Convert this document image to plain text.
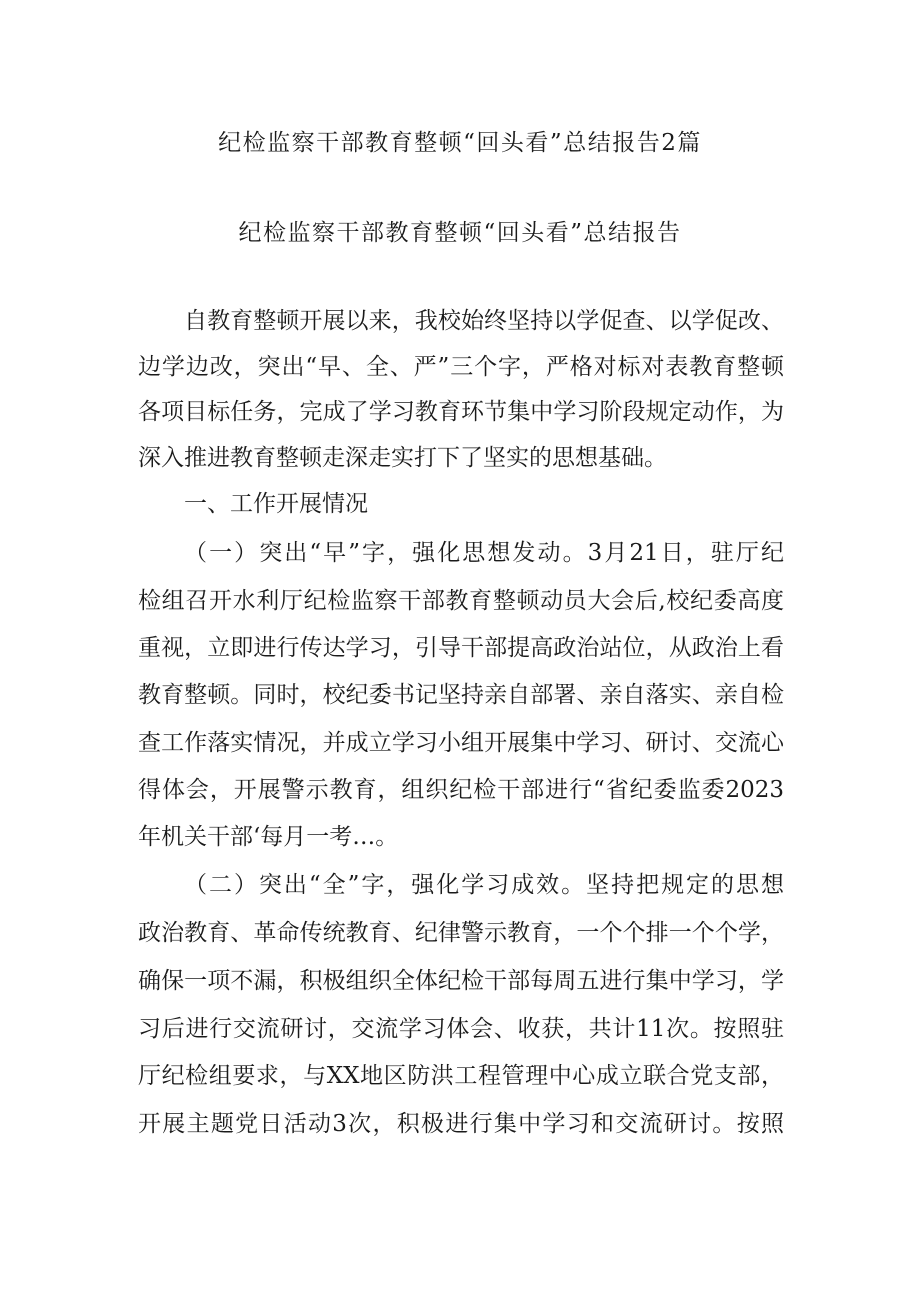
纪检监察干部教育整顿“回头看”总结报告2篇
纪检监察干部教育整顿“回头看”总结报告
自教育整顿开展以来，我校始终坚持以学促查、以学促改、
边学边改，突出“早、全、严”三个字，严格对标对表教育整顿
各项目标任务，完成了学习教育环节集中学习阶段规定动作，为
深入推进教育整顿走深走实打下了坚实的思想基础。
一、工作开展情况
（一）突出“早”字，强化思想发动。3月21日，驻厅纪
检组召开水利厅纪检监察干部教育整顿动员大会后,校纪委高度
重视，立即进行传达学习，引导干部提高政治站位，从政治上看
教育整顿。同时，校纪委书记坚持亲自部署、亲自落实、亲自检
查工作落实情况，并成立学习小组开展集中学习、研讨、交流心
得体会，开展警示教育，组织纪检干部进行“省纪委监委2023
年机关干部‘每月一考…。
（二）突出“全”字，强化学习成效。坚持把规定的思想
政治教育、革命传统教育、纪律警示教育，一个个排一个个学，
确保一项不漏，积极组织全体纪检干部每周五进行集中学习，学
习后进行交流研讨，交流学习体会、收获，共计11次。按照驻
厅纪检组要求，与XX地区防洪工程管理中心成立联合党支部，
开展主题党日活动3次，积极进行集中学习和交流研讨。按照
